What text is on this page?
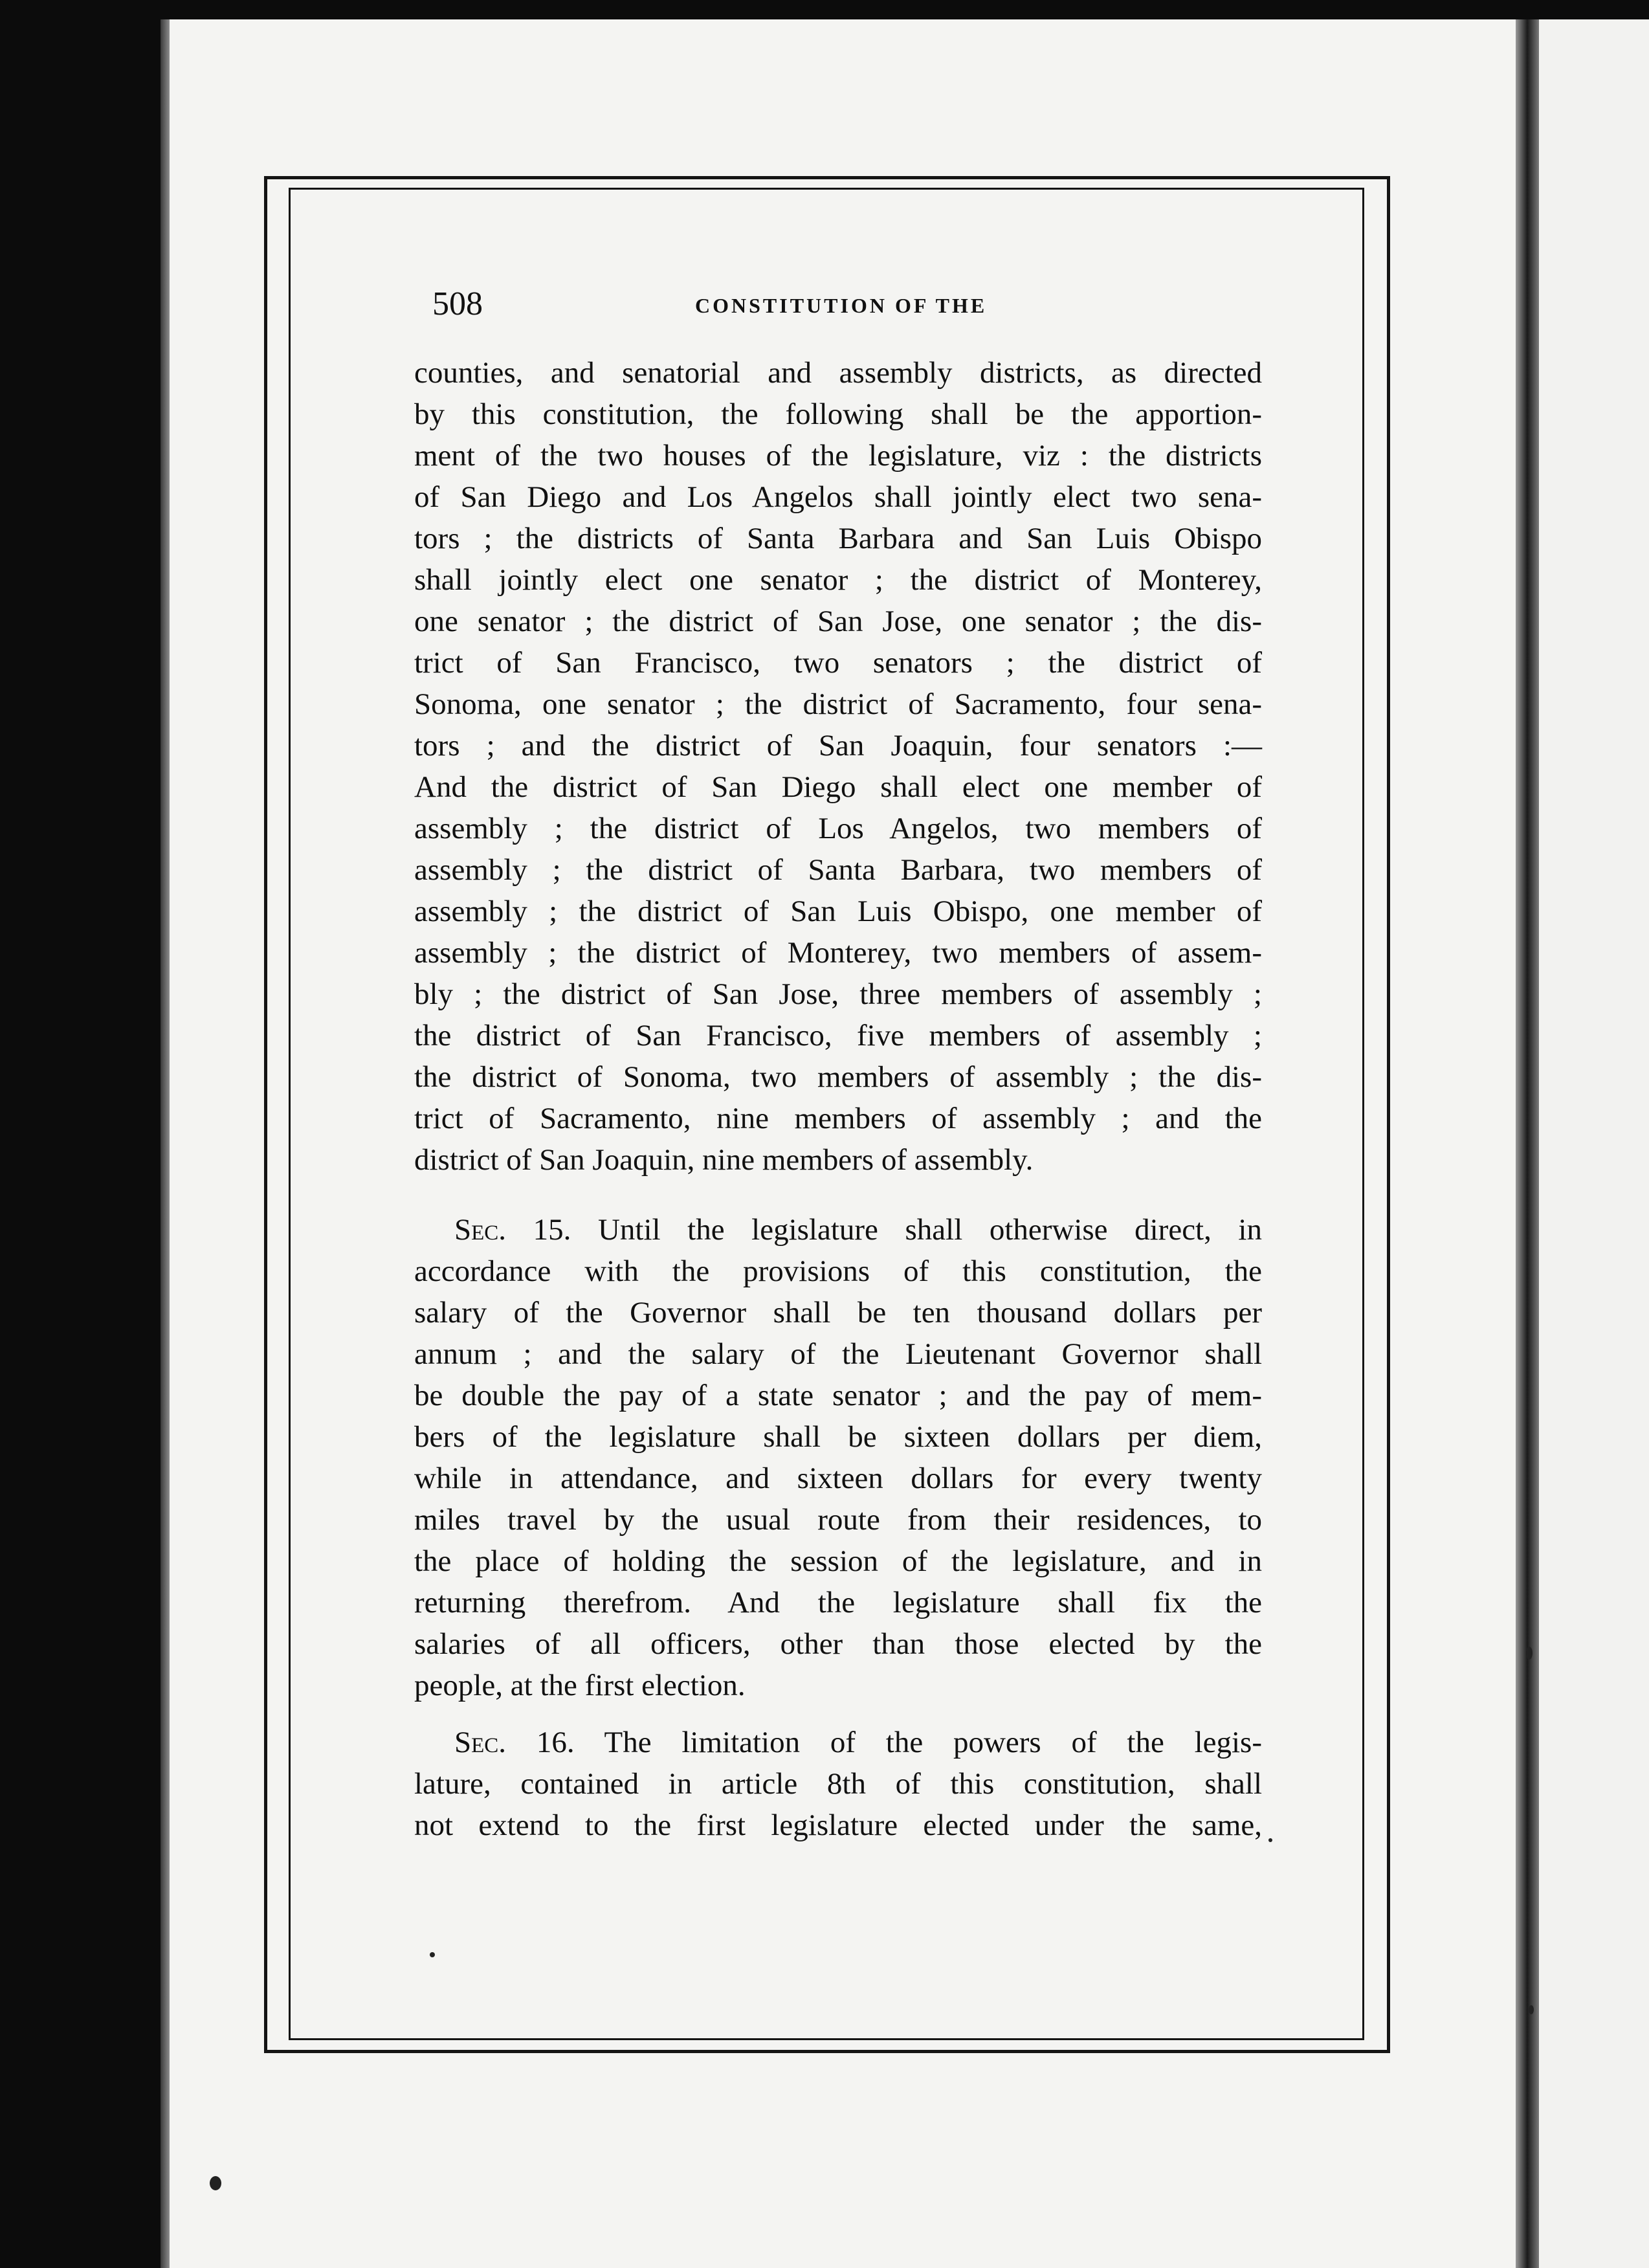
508	CONSTITUTION OF THE
counties, and senatorial and assembly districts, as directed
by this constitution, the following shall be the apportion-
ment of the two houses of the legislature, viz : the districts
of San Diego and Los Angelos shall jointly elect two sena-
tors ; the districts of Santa Barbara and San Luis Obispo
shall jointly elect one senator ; the district of Monterey,
one senator ; the district of San Jose, one senator ; the dis-
trict of San Francisco, two senators ; the district of
Sonoma, one senator ; the district of Sacramento, four sena-
tors ; and the district of San Joaquin, four senators :—
And the district of San Diego shall elect one member of
assembly ; the district of Los Angelos, two members of
assembly ; the district of Santa Barbara, two members of
assembly ; the district of San Luis Obispo, one member of
assembly ; the district of Monterey, two members of assem-
bly ; the district of San Jose, three members of assembly ;
the district of San Francisco, five members of assembly ;
the district of Sonoma, two members of assembly ; the dis-
trict of Sacramento, nine members of assembly ; and the
district of San Joaquin, nine members of assembly.
Sec. 15. Until the legislature shall otherwise direct, in
accordance with the provisions of this constitution, the
salary of the Governor shall be ten thousand dollars per
annum ; and the salary of the Lieutenant Governor shall
be double the pay of a state senator ; and the pay of mem-
bers of the legislature shall be sixteen dollars per diem,
while in attendance, and sixteen dollars for every twenty
miles travel by the usual route from their residences, to
the place of holding the session of the legislature, and in
returning therefrom. And the legislature shall fix the
salaries of all officers, other than those elected by the
people, at the first election.
Sec. 16. The limitation of the powers of the legis-
lature, contained in article 8th of this constitution, shall
not extend to the first legislature elected under the same,
